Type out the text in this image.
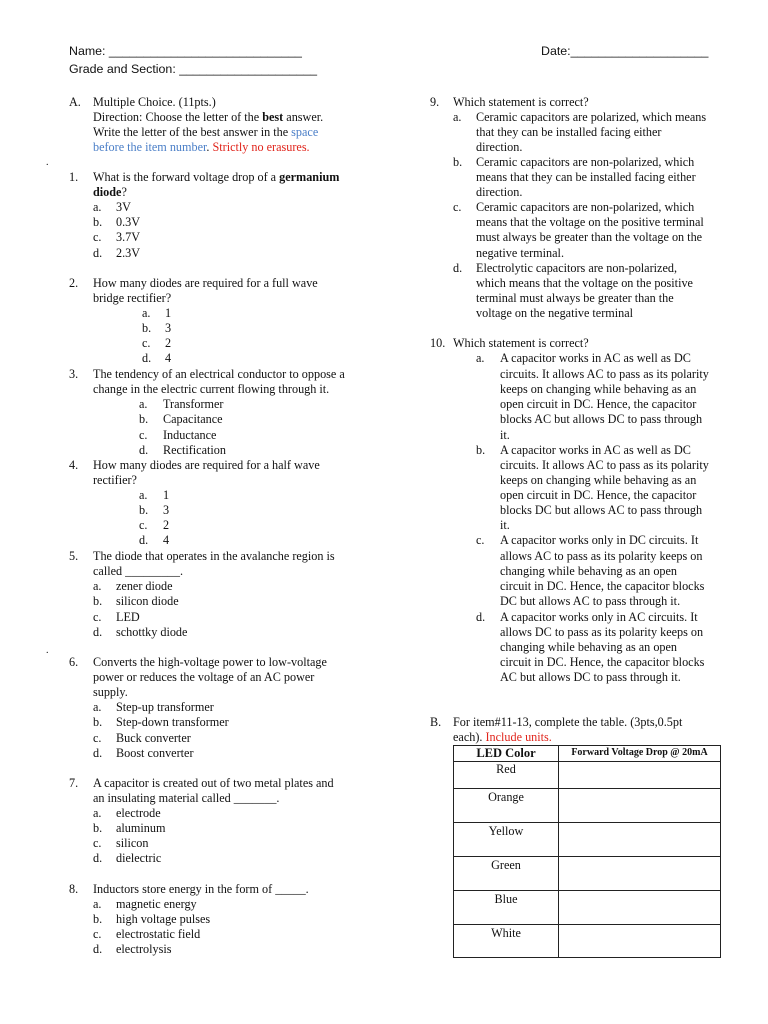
Name: ____________________________	Date:____________________
Grade and Section: ____________________
A. Multiple Choice. (11pts.)
Direction: Choose the letter of the best answer.
Write the letter of the best answer in the space
before the item number. Strictly no erasures.
.
.
1. What is the forward voltage drop of a germanium
diode?
a. 3V
b. 0.3V
c. 3.7V
d. 2.3V
2. How many diodes are required for a full wave
bridge rectifier?
a. 1
b. 3
c. 2
d. 4
3. The tendency of an electrical conductor to oppose a
change in the electric current flowing through it.
a. Transformer
b. Capacitance
c. Inductance
d. Rectification
4. How many diodes are required for a half wave
rectifier?
a. 1
b. 3
c. 2
d. 4
5. The diode that operates in the avalanche region is
called _________.
a. zener diode
b. silicon diode
c. LED
d. schottky diode
6. Converts the high-voltage power to low-voltage
power or reduces the voltage of an AC power
supply.
a. Step-up transformer
b. Step-down transformer
c. Buck converter
d. Boost converter
7. A capacitor is created out of two metal plates and
an insulating material called _______.
a. electrode
b. aluminum
c. silicon
d. dielectric
8. Inductors store energy in the form of _____.
a. magnetic energy
b. high voltage pulses
c. electrostatic field
d. electrolysis
9. Which statement is correct?
a. Ceramic capacitors are polarized, which means
that they can be installed facing either
direction.
b. Ceramic capacitors are non-polarized, which
means that they can be installed facing either
direction.
c. Ceramic capacitors are non-polarized, which
means that the voltage on the positive terminal
must always be greater than the voltage on the
negative terminal.
d. Electrolytic capacitors are non-polarized,
which means that the voltage on the positive
terminal must always be greater than the
voltage on the negative terminal
10. Which statement is correct?
a. A capacitor works in AC as well as DC
circuits. It allows AC to pass as its polarity
keeps on changing while behaving as an
open circuit in DC. Hence, the capacitor
blocks AC but allows DC to pass through
it.
b. A capacitor works in AC as well as DC
circuits. It allows AC to pass as its polarity
keeps on changing while behaving as an
open circuit in DC. Hence, the capacitor
blocks DC but allows AC to pass through
it.
c. A capacitor works only in DC circuits. It
allows AC to pass as its polarity keeps on
changing while behaving as an open
circuit in DC. Hence, the capacitor blocks
DC but allows AC to pass through it.
d. A capacitor works only in AC circuits. It
allows DC to pass as its polarity keeps on
changing while behaving as an open
circuit in DC. Hence, the capacitor blocks
AC but allows DC to pass through it.
B. For item#11-13, complete the table. (3pts,0.5pt
each). Include units.
LED Color	Forward Voltage Drop @ 20mA
Red	
Orange	
Yellow	
Green	
Blue	
White	
